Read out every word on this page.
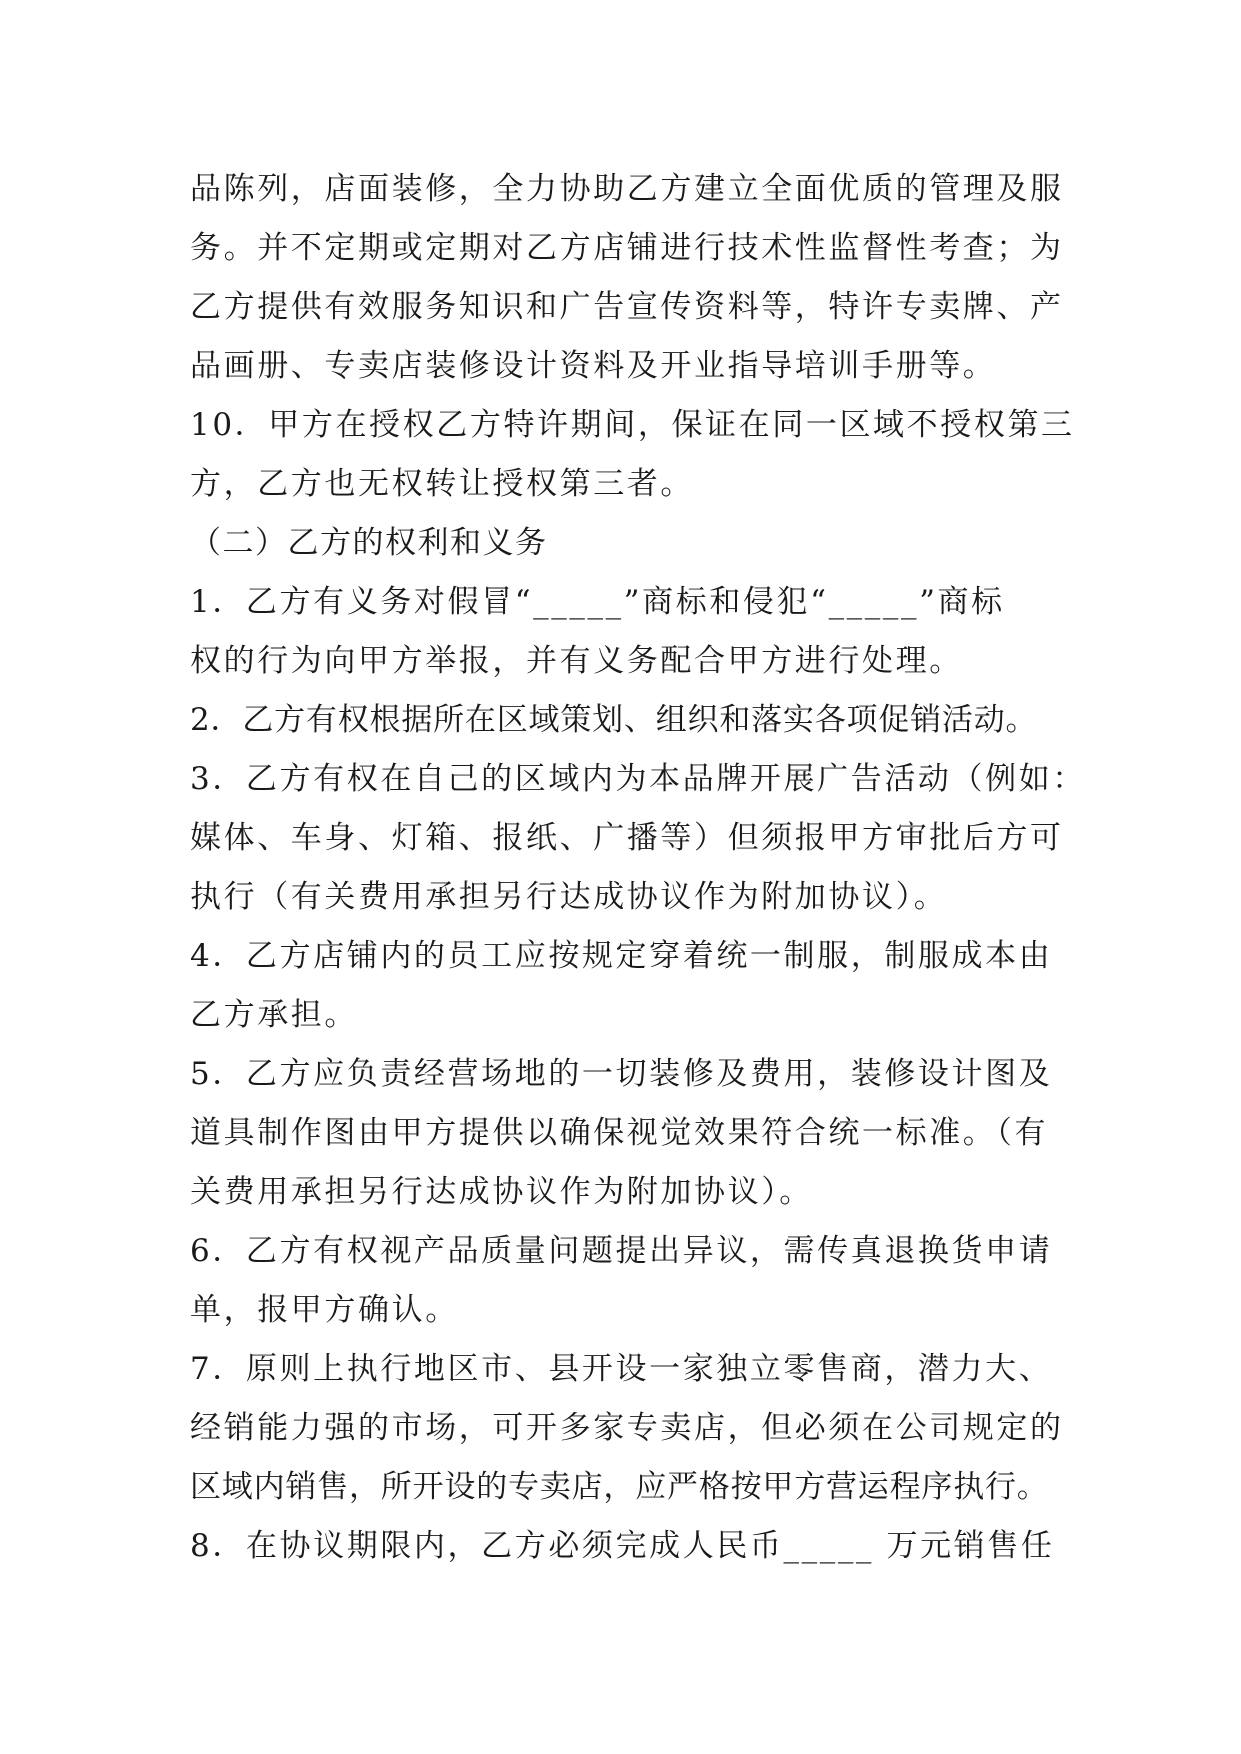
品陈列，店面装修，全力协助乙方建立全面优质的管理及服
务。并不定期或定期对乙方店铺进行技术性监督性考查；为
乙方提供有效服务知识和广告宣传资料等，特许专卖牌、产
品画册、专卖店装修设计资料及开业指导培训手册等。
10．甲方在授权乙方特许期间，保证在同一区域不授权第三
方，乙方也无权转让授权第三者。
（二）乙方的权利和义务
1．乙方有义务对假冒“_____”商标和侵犯“_____”商标
权的行为向甲方举报，并有义务配合甲方进行处理。
2．乙方有权根据所在区域策划、组织和落实各项促销活动。
3．乙方有权在自己的区域内为本品牌开展广告活动（例如：
媒体、车身、灯箱、报纸、广播等）但须报甲方审批后方可
执行（有关费用承担另行达成协议作为附加协议）。
4．乙方店铺内的员工应按规定穿着统一制服，制服成本由
乙方承担。
5．乙方应负责经营场地的一切装修及费用，装修设计图及
道具制作图由甲方提供以确保视觉效果符合统一标准。（有
关费用承担另行达成协议作为附加协议）。
6．乙方有权视产品质量问题提出异议，需传真退换货申请
单，报甲方确认。
7．原则上执行地区市、县开设一家独立零售商，潜力大、
经销能力强的市场，可开多家专卖店，但必须在公司规定的
区域内销售，所开设的专卖店，应严格按甲方营运程序执行。
8．在协议期限内，乙方必须完成人民币_____ 万元销售任
